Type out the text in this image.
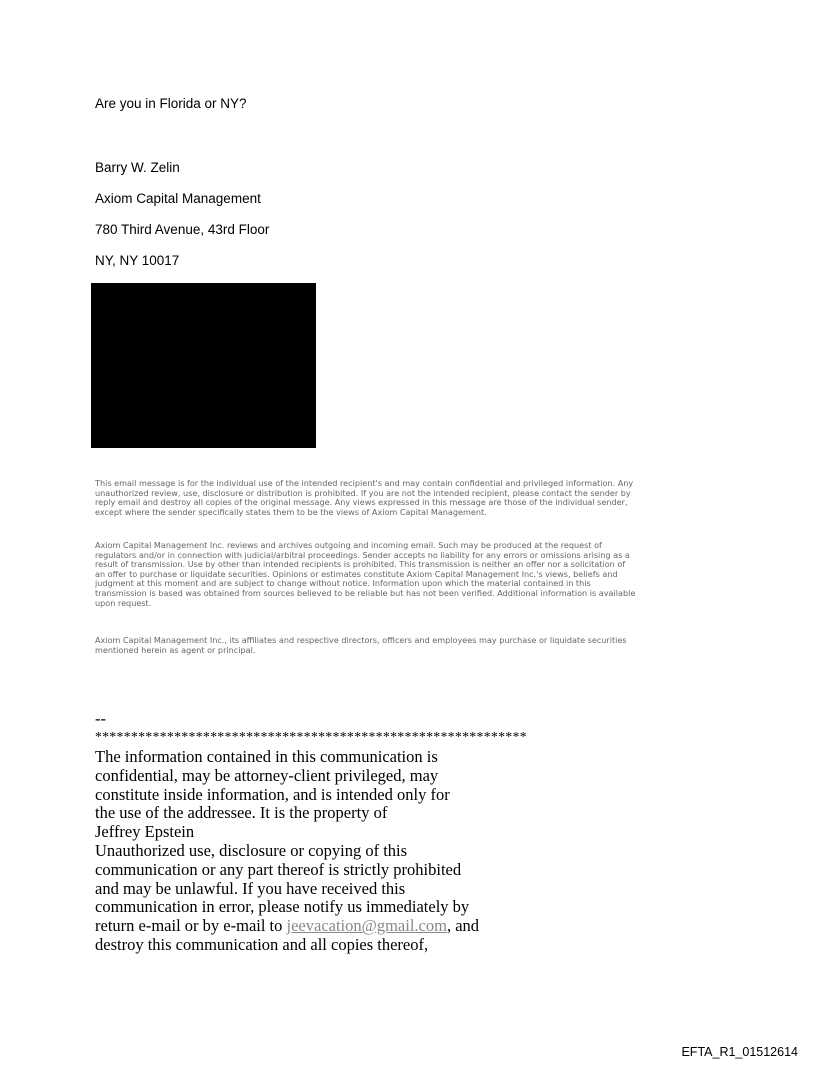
Are you in Florida or NY?
Barry W. Zelin
Axiom Capital Management
780 Third Avenue, 43rd Floor
NY, NY 10017
This email message is for the individual use of the intended recipient's and may contain confidential and privileged information. Any
unauthorized review, use, disclosure or distribution is prohibited. If you are not the intended recipient, please contact the sender by
reply email and destroy all copies of the original message. Any views expressed in this message are those of the individual sender,
except where the sender specifically states them to be the views of Axiom Capital Management.
Axiom Capital Management Inc. reviews and archives outgoing and incoming email. Such may be produced at the request of
regulators and/or in connection with judicial/arbitral proceedings. Sender accepts no liability for any errors or omissions arising as a
result of transmission. Use by other than intended recipients is prohibited. This transmission is neither an offer nor a solicitation of
an offer to purchase or liquidate securities. Opinions or estimates constitute Axiom Capital Management Inc.'s views, beliefs and
judgment at this moment and are subject to change without notice. Information upon which the material contained in this
transmission is based was obtained from sources believed to be reliable but has not been verified. Additional information is available
upon request.
Axiom Capital Management Inc., its affiliates and respective directors, officers and employees may purchase or liquidate securities
mentioned herein as agent or principal.
--
************************************************************
The information contained in this communication is
confidential, may be attorney-client privileged, may
constitute inside information, and is intended only for
the use of the addressee. It is the property of
Jeffrey Epstein
Unauthorized use, disclosure or copying of this
communication or any part thereof is strictly prohibited
and may be unlawful. If you have received this
communication in error, please notify us immediately by
return e-mail or by e-mail to jeevacation@gmail.com, and
destroy this communication and all copies thereof,
EFTA_R1_01512614
